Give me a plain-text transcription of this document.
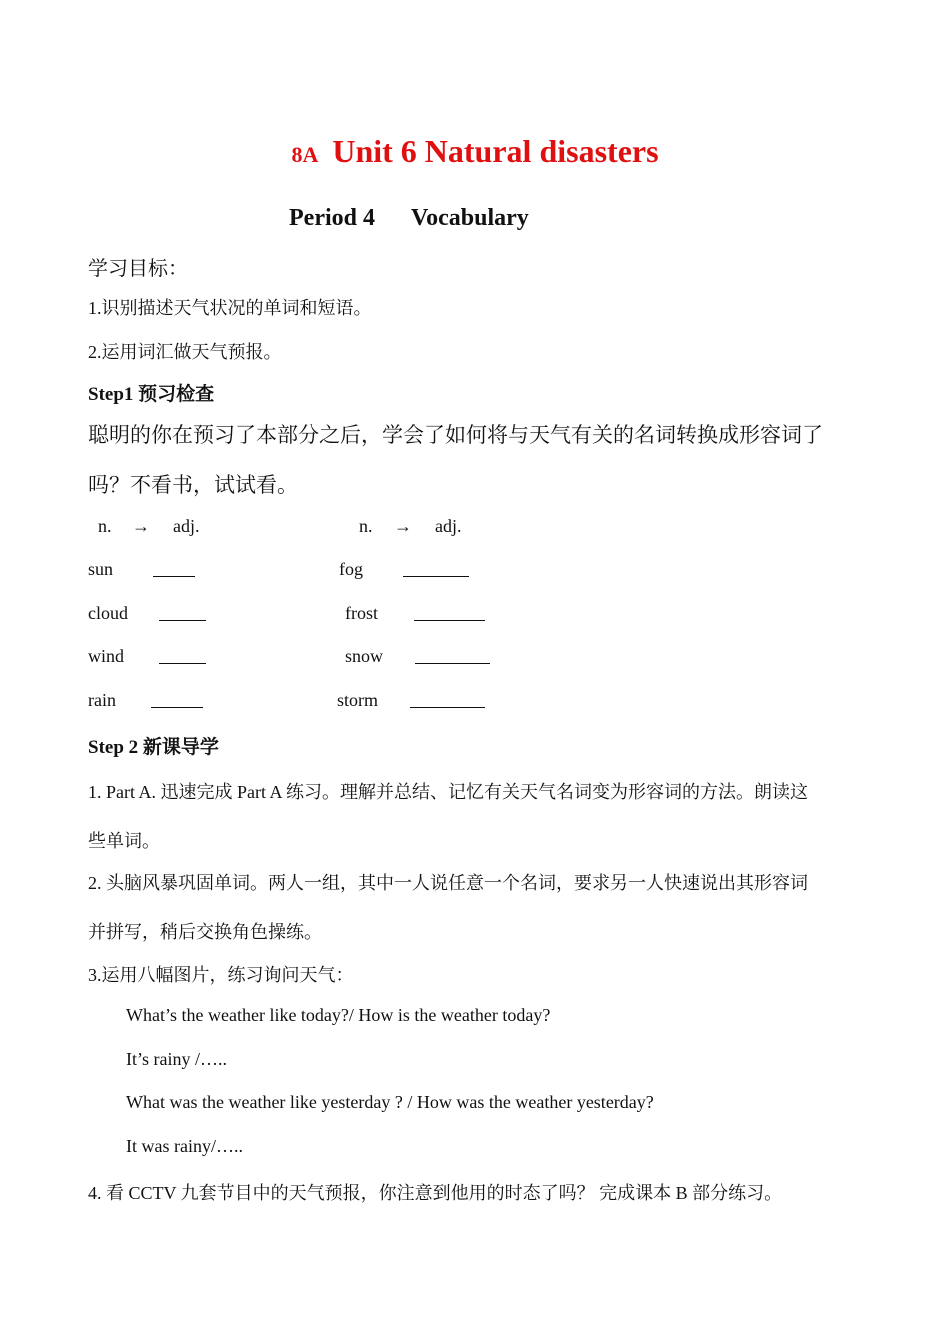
8A Unit 6 Natural disasters
Period 4 Vocabulary
学习目标：
1.识别描述天气状况的单词和短语。
2.运用词汇做天气预报。
Step1 预习检查
聪明的你在预习了本部分之后，学会了如何将与天气有关的名词转换成形容词了
吗？不看书，试试看。
n. → adj.	n. → adj.
sun
cloud
wind
rain
fog
frost
snow
storm
Step 2 新课导学
1. Part A. 迅速完成 Part A 练习。理解并总结、记忆有关天气名词变为形容词的方法。朗读这
些单词。
2. 头脑风暴巩固单词。两人一组，其中一人说任意一个名词，要求另一人快速说出其形容词
并拼写，稍后交换角色操练。
3.运用八幅图片，练习询问天气：
What’s the weather like today?/ How is the weather today?
It’s rainy /…..
What was the weather like yesterday ? / How was the weather yesterday?
It was rainy/…..
4. 看 CCTV 九套节目中的天气预报，你注意到他用的时态了吗？ 完成课本 B 部分练习。
